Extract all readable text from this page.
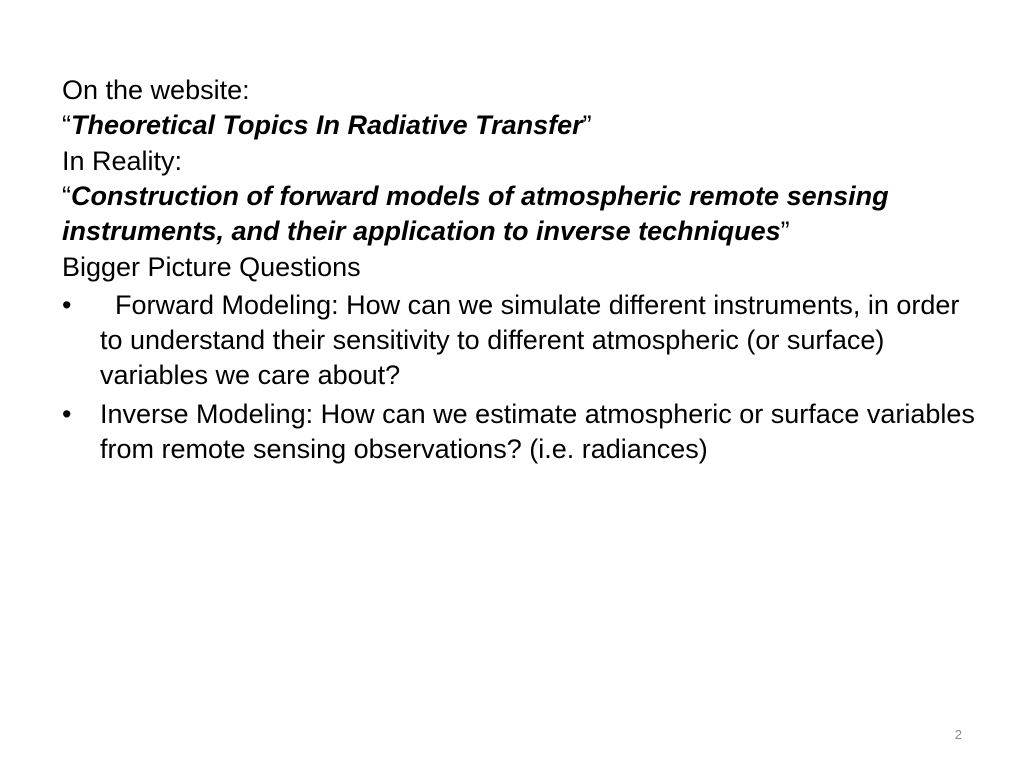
On the website:

“Theoretical Topics In Radiative Transfer”

In Reality:

“Construction of forward models of atmospheric remote sensing instruments, and their application to inverse techniques”

Bigger Picture Questions

•	Forward Modeling: How can we simulate different instruments, in order to understand their sensitivity to different atmospheric (or surface) variables we care about?
•	Inverse Modeling: How can we estimate atmospheric or surface variables from remote sensing observations? (i.e. radiances)
2
